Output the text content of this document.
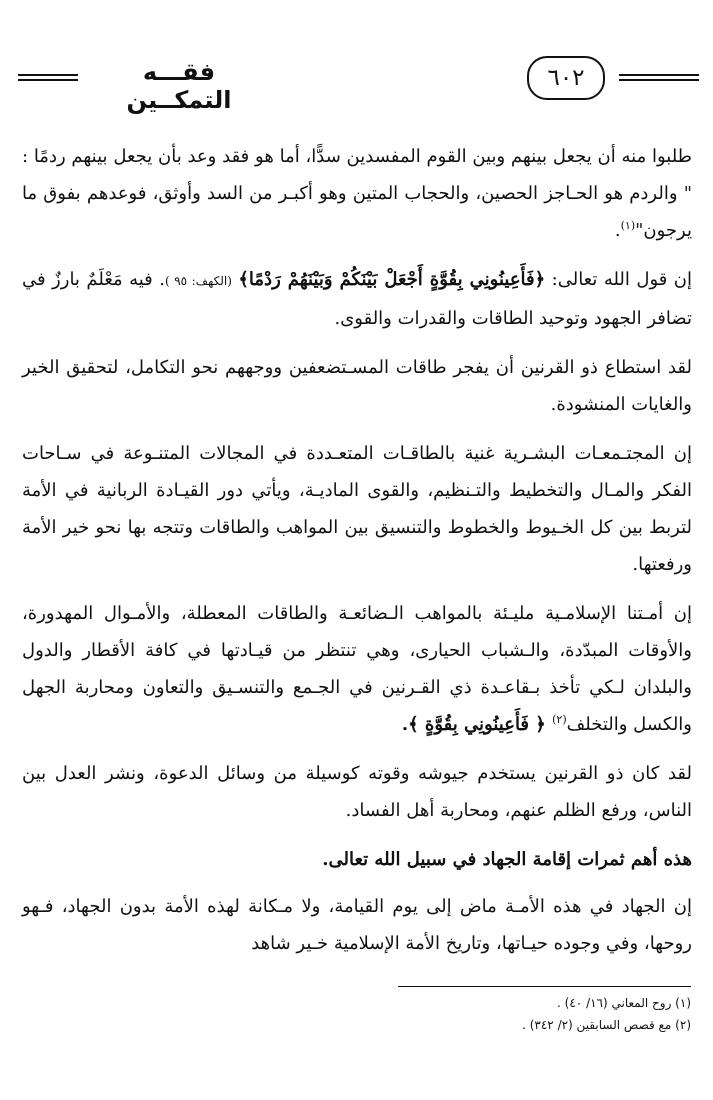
فقـــه التمكــين
٦٠٢

طلبوا منه أن يجعل بينهم وبين القوم المفسدين سدًّا، أما هو فقد وعد بأن يجعل بينهم ردمًا : " والردم هو الحـاجز الحصين، والحجاب المتين وهو أكبـر من السد وأوثق، فوعدهم بفوق ما يرجون"$^{(١)}$.

إن قول الله تعالى: ﴿فَأَعِينُونِي بِقُوَّةٍ أَجْعَلْ بَيْنَكُمْ وَبَيْنَهُمْ رَدْمًا﴾ (الكهف: ٩٥ ). فيه مَعْلَمٌ بارزٌ في تضافر الجهود وتوحيد الطاقات والقدرات والقوى.

لقد استطاع ذو القرنين أن يفجر طاقات المسـتضعفين ووجههم نحو التكامل، لتحقيق الخير والغايات المنشودة.

إن المجتـمعـات البشـرية غنية بالطاقـات المتعـددة في المجالات المتنـوعة في سـاحات الفكر والمـال والتخطيط والتـنظيم، والقوى الماديـة، ويأتي دور القيـادة الربانية في الأمة لتربط بين كل الخـيوط والخطوط والتنسيق بين المواهب والطاقات وتتجه بها نحو خير الأمة ورفعتها.

إن أمـتنا الإسلامـية مليـئة بالمواهب الـضائعـة والطاقات المعطلة، والأمـوال المهدورة، والأوقات المبدّدة، والـشباب الحيارى، وهي تنتظر من قيـادتها في كافة الأقطار والدول والبلدان لـكي تأخذ بـقاعـدة ذي القـرنين في الجـمع والتنسـيق والتعاون ومحاربة الجهل والكسل والتخلف$^{(٢)}$ ﴿ فَأَعِينُونِي بِقُوَّةٍ ﴾.

لقد كان ذو القرنين يستخدم جيوشه وقوته كوسيلة من وسائل الدعوة، ونشر العدل بين الناس، ورفع الظلم عنهم، ومحاربة أهل الفساد.

هذه أهم ثمرات إقامة الجهاد في سبيل الله تعالى.

إن الجهاد في هذه الأمـة ماض إلى يوم القيامة، ولا مـكانة لهذه الأمة بدون الجهاد، فـهو روحها، وفي وجوده حيـاتها، وتاريخ الأمة الإسلامية خـير شاهد

(١) روح المعاني (١٦/ ٤٠) .
(٢) مع قصص السابقين (٢/ ٣٤٢) .
